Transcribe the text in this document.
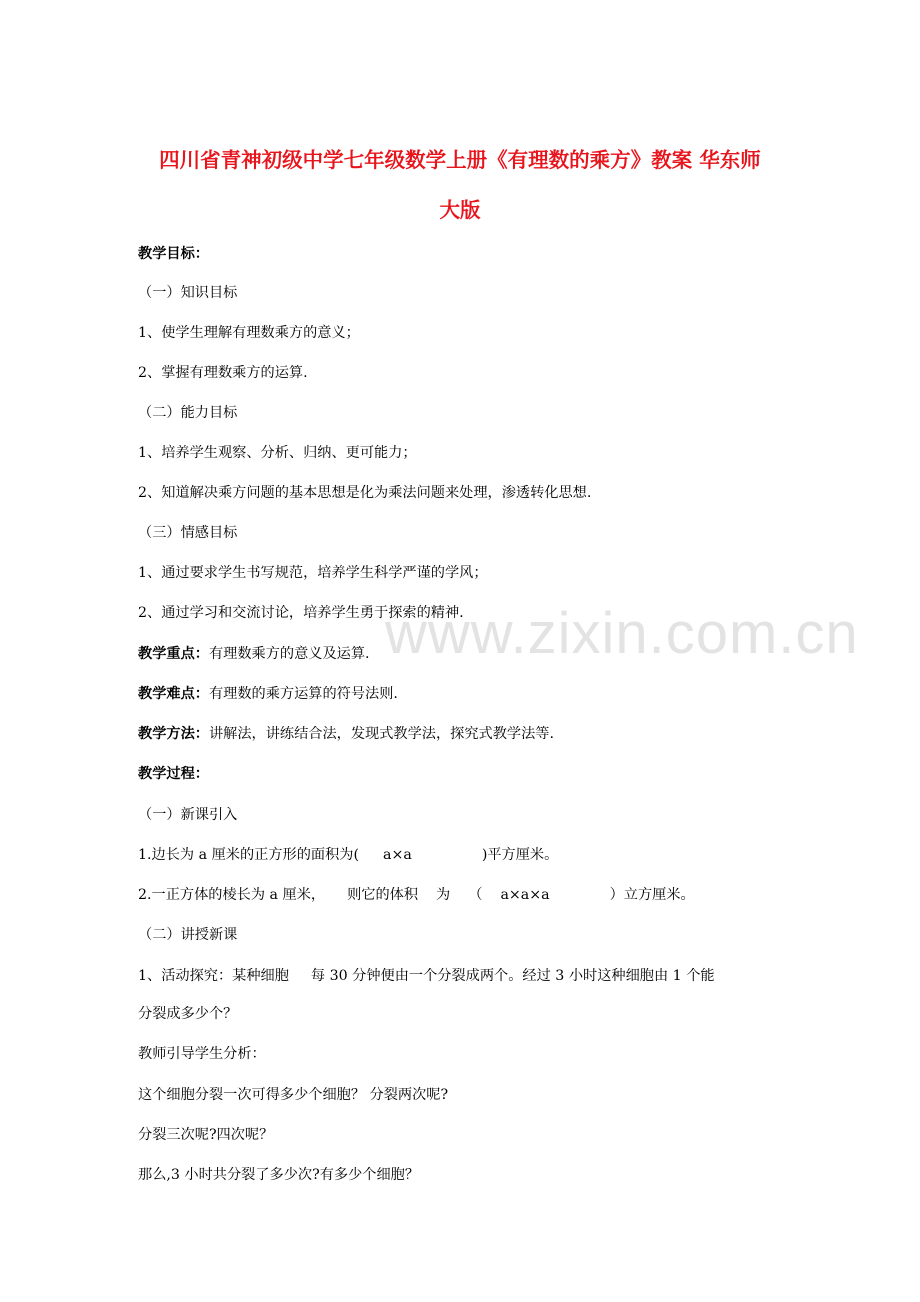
www.zixin.com.cn
四川省青神初级中学七年级数学上册《有理数的乘方》教案 华东师
大版
教学目标：
（一）知识目标
1、使学生理解有理数乘方的意义；
2、掌握有理数乘方的运算.
（二）能力目标
1、培养学生观察、分析、归纳、更可能力；
2、知道解决乘方问题的基本思想是化为乘法问题来处理，渗透转化思想.
（三）情感目标
1、通过要求学生书写规范，培养学生科学严谨的学风；
2、通过学习和交流讨论，培养学生勇于探索的精神.
教学重点：有理数乘方的意义及运算.
教学难点：有理数的乘方运算的符号法则.
教学方法：讲解法，讲练结合法，发现式教学法，探究式教学法等.
教学过程：
（一）新课引入
1.边长为 a 厘米的正方形的面积为( a×a	)平方厘米。
2.一正方体的棱长为 a 厘米， 则它的体积 为 （ a×a×a	）立方厘米。
（二）讲授新课
1、活动探究：某种细胞 每 30 分钟便由一个分裂成两个。经过 3 小时这种细胞由 1 个能
分裂成多少个？
教师引导学生分析：
这个细胞分裂一次可得多少个细胞？ 分裂两次呢?
分裂三次呢?四次呢？
那么,3 小时共分裂了多少次?有多少个细胞？
